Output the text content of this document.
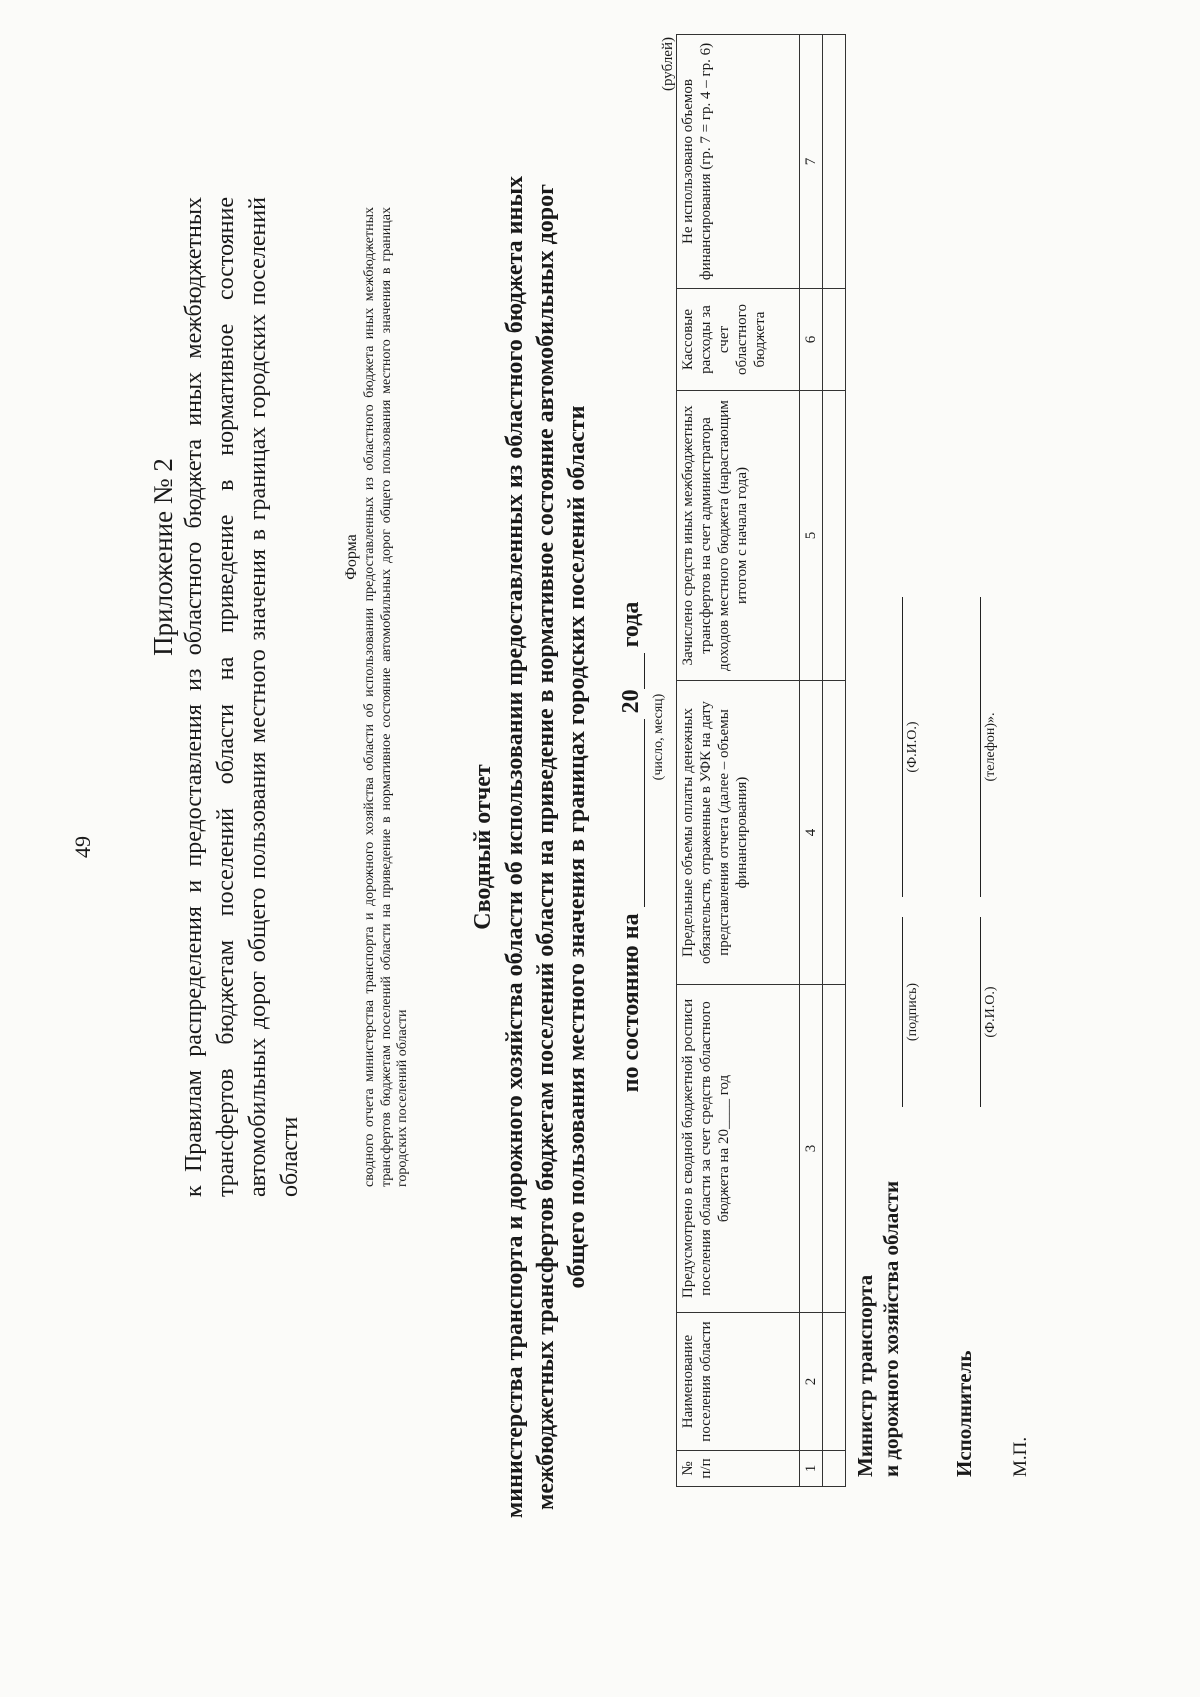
49
Приложение № 2 к Правилам распределения и предоставления из областного бюджета иных межбюджетных трансфертов бюджетам поселений области на приведение в нормативное состояние автомобильных дорог общего пользования местного значения в границах городских поселений области
Форма сводного отчета министерства транспорта и дорожного хозяйства области об использовании предоставленных из областного бюджета иных межбюджетных трансфертов бюджетам поселений области на приведение в нормативное состояние автомобильных дорог общего пользования местного значения в границах городских поселений области
Сводный отчет министерства транспорта и дорожного хозяйства области об использовании предоставленных из областного бюджета иных межбюджетных трансфертов бюджетам поселений области на приведение в нормативное состояние автомобильных дорог общего пользования местного значения в границах городских поселений области по состоянию на  20 года
(число, месяц)
(рублей)
№ п/п	Наименование поселения области	Предусмотрено в сводной бюджетной росписи поселения области за счет средств областного бюджета на 20____ год	Предельные объемы оплаты денежных обязательств, отраженные в УФК на дату представления отчета (далее – объемы финансирования)	Зачислено средств иных межбюджетных трансфертов на счет администратора доходов местного бюджета (нарастающим итогом с начала года)	Кассовые расходы за счет областного бюджета	Не использовано объемов финансирования (гр. 7 = гр. 4 – гр. 6)
1	2	3	4	5	6	7

Министр транспорта и дорожного хозяйства области
(подпись)
(Ф.И.О.)
Исполнитель
(Ф.И.О.)
(телефон)».
М.П.
